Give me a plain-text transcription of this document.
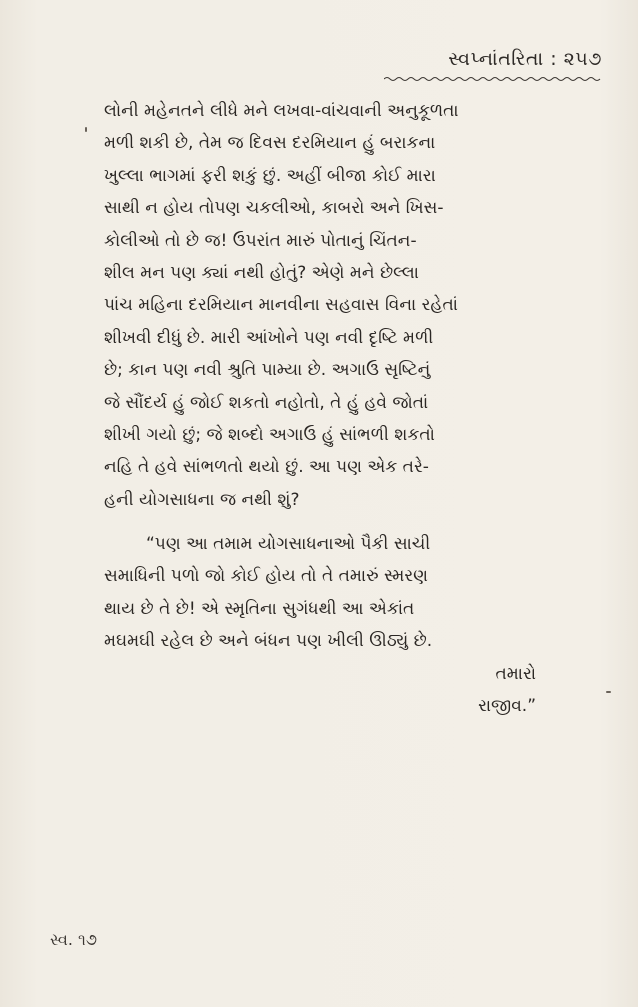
સ્વપ્નાંતરિતા : ૨૫૭
લોની મહેનતને લીધે મને લખવા-વાંચવાની અનુકૂળતા
મળી શકી છે, તેમ જ દિવસ દરમિયાન હું બરાકના
ખુલ્લા ભાગમાં ફરી શકું છું. અહીં બીજા કોઈ મારા
સાથી ન હોય તોપણ ચકલીઓ, કાબરો અને ખિસ-
કોલીઓ તો છે જ! ઉપરાંત મારું પોતાનું ચિંતન-
શીલ મન પણ ક્યાં નથી હોતું? એણે મને છેલ્લા
પાંચ મહિના દરમિયાન માનવીના સહવાસ વિના રહેતાં
શીખવી દીધું છે. મારી આંખોને પણ નવી દૃષ્ટિ મળી
છે; કાન પણ નવી શ્રુતિ પામ્યા છે. અગાઉ સૃષ્ટિનું
જે સૌંદર્ય હું જોઈ શકતો નહોતો, તે હું હવે જોતાં
શીખી ગયો છું; જે શબ્દો અગાઉ હું સાંભળી શકતો
નહિ તે હવે સાંભળતો થયો છું. આ પણ એક તરે-
હની યોગસાધના જ નથી શું?
“પણ આ તમામ યોગસાધનાઓ પૈકી સાચી
સમાધિની પળો જો કોઈ હોય તો તે તમારું સ્મરણ
થાય છે તે છે! એ સ્મૃતિના સુગંધથી આ એકાંત
મઘમઘી રહેલ છે અને બંધન પણ ખીલી ઊઠ્યું છે.
તમારો
રાજીવ.”
સ્વ. ૧૭
